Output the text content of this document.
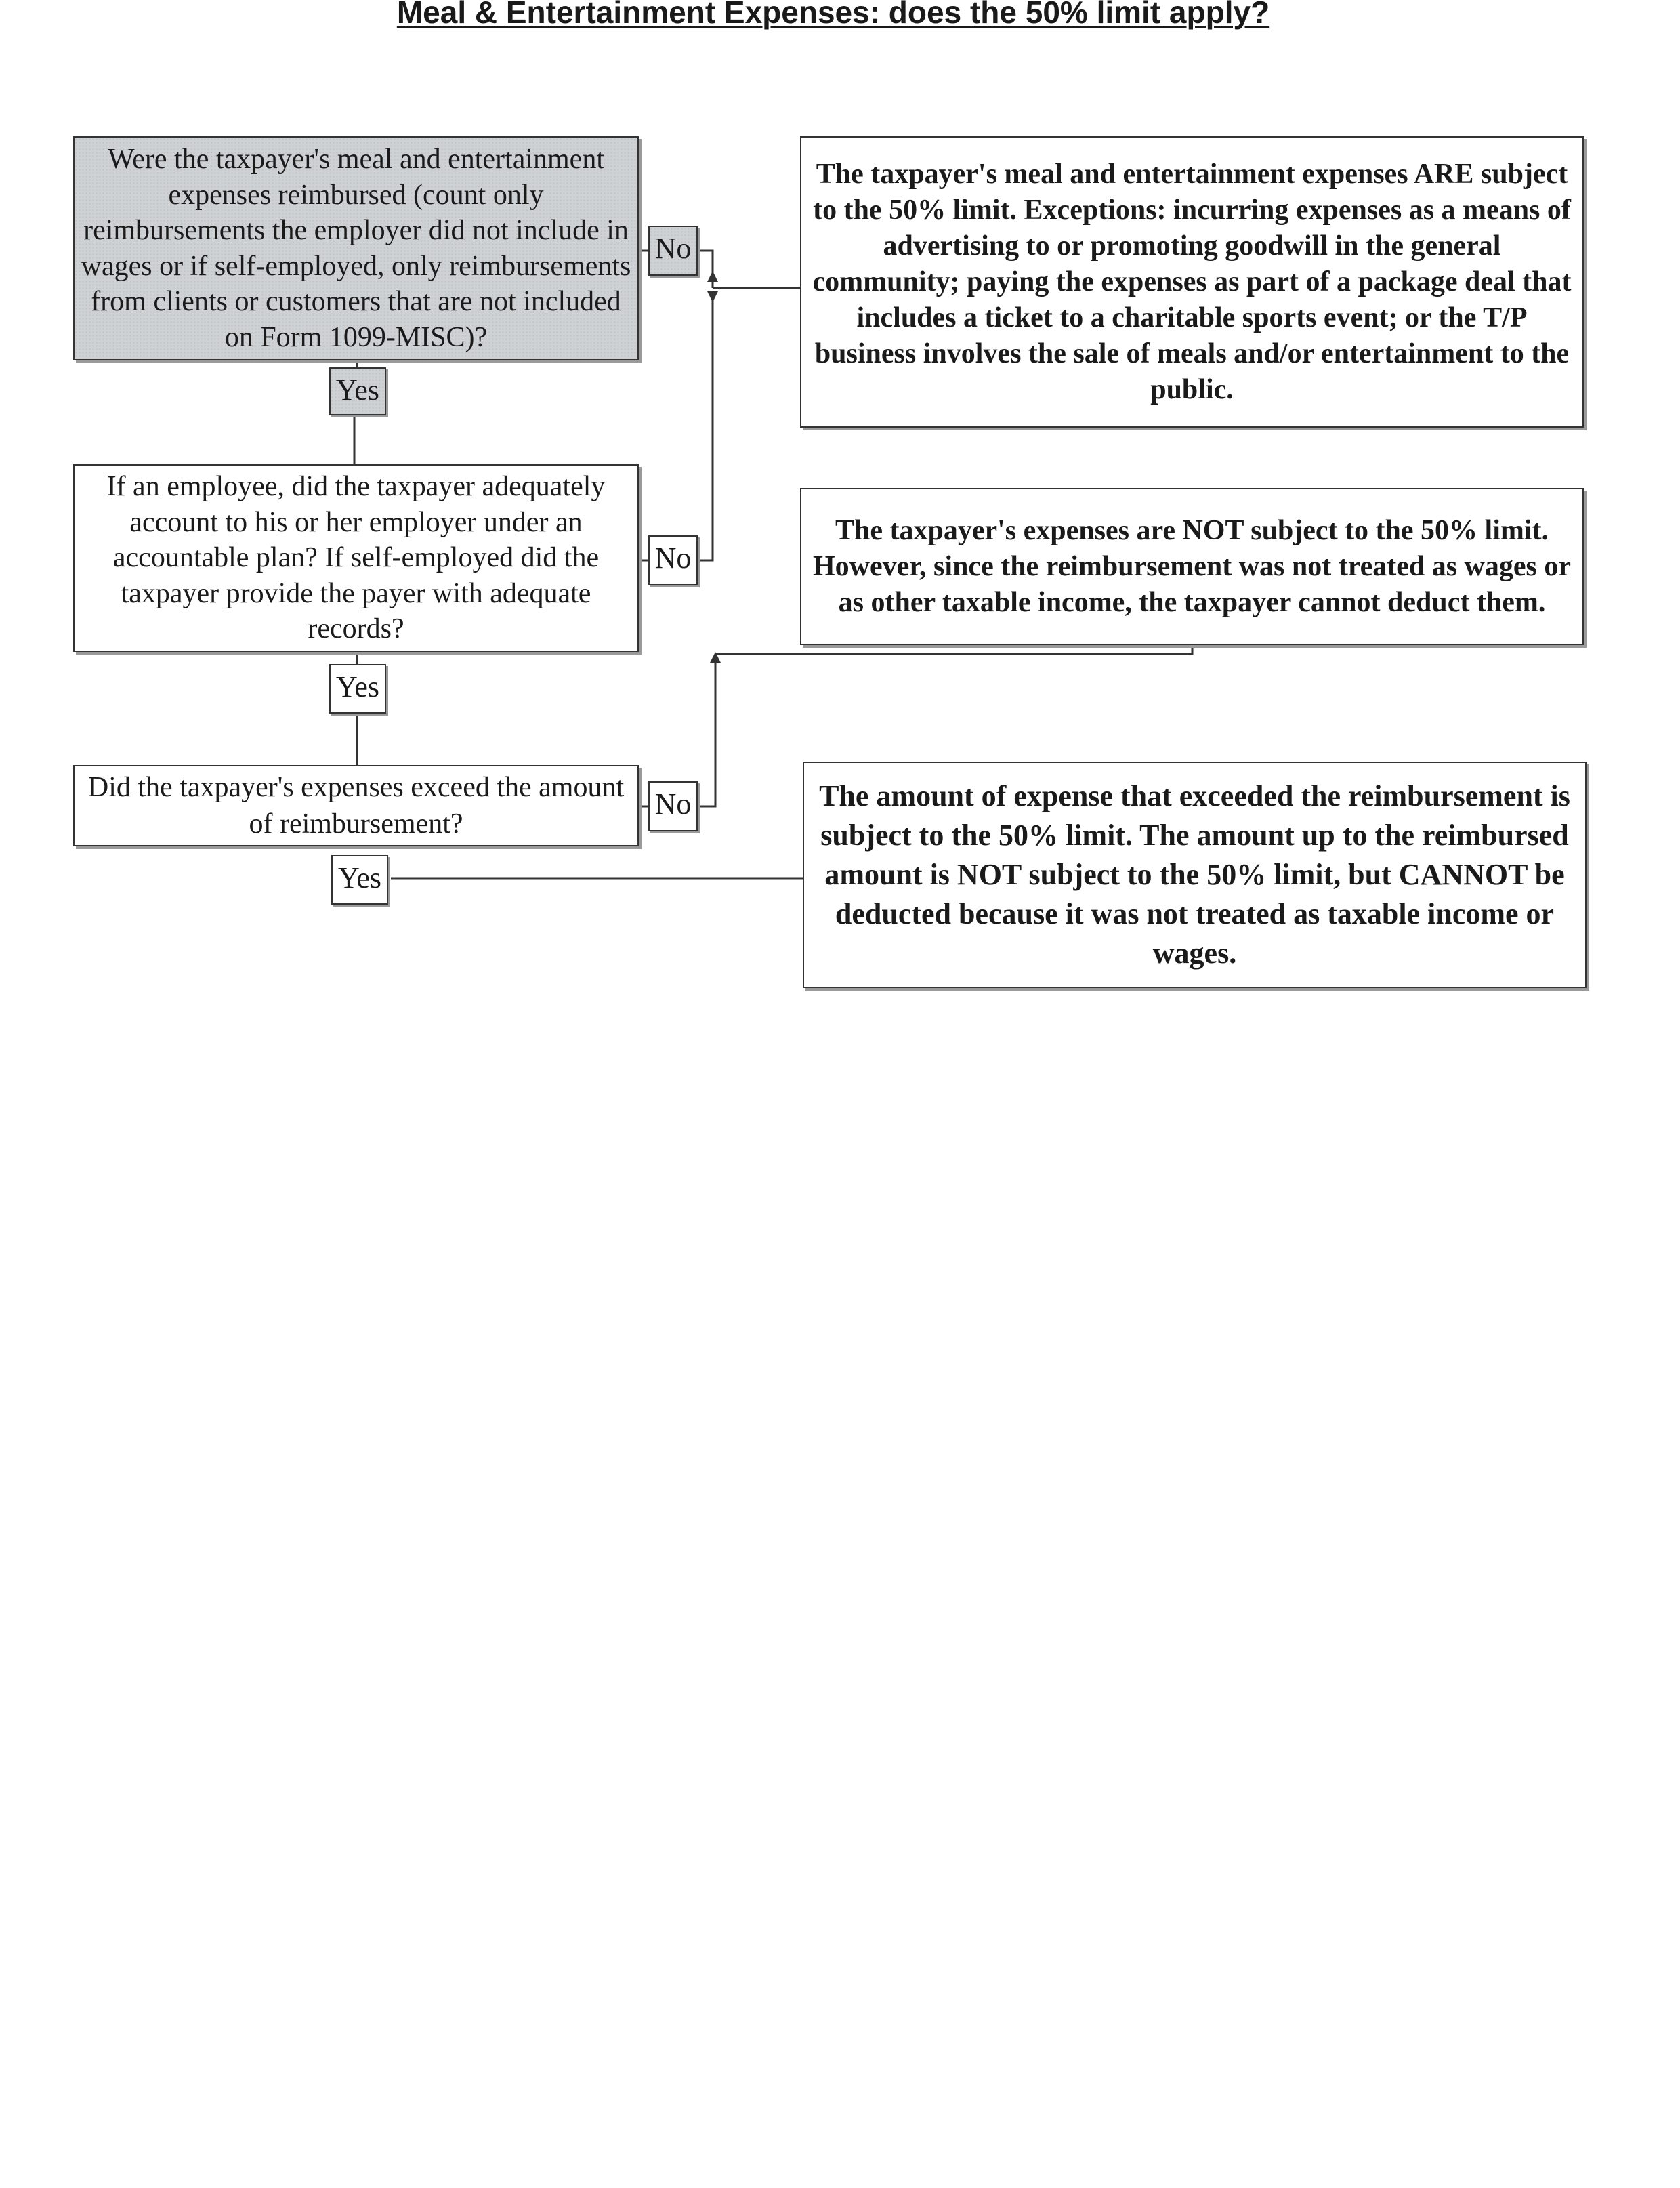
Meal & Entertainment Expenses: does the 50% limit apply?
Were the taxpayer's meal and entertainment expenses reimbursed (count only reimbursements the employer did not include in wages or if self-employed, only reimbursements from clients or customers that are not included on Form 1099-MISC)?
If an employee, did the taxpayer adequately account to his or her employer under an accountable plan? If self-employed did the taxpayer provide the payer with adequate records?
Did the taxpayer's expenses exceed the amount of reimbursement?
Yes
Yes
Yes
No
No
No
The taxpayer's meal and entertainment expenses ARE subject to the 50% limit. Exceptions: incurring expenses as a means of advertising to or promoting goodwill in the general community; paying the expenses as part of a package deal that includes a ticket to a charitable sports event; or the T/P business involves the sale of meals and/or entertainment to the public.
The taxpayer's expenses are NOT subject to the 50% limit. However, since the reimbursement was not treated as wages or as other taxable income, the taxpayer cannot deduct them.
The amount of expense that exceeded the reimbursement is subject to the 50% limit. The amount up to the reimbursed amount is NOT subject to the 50% limit, but CANNOT be deducted because it was not treated as taxable income or wages.
